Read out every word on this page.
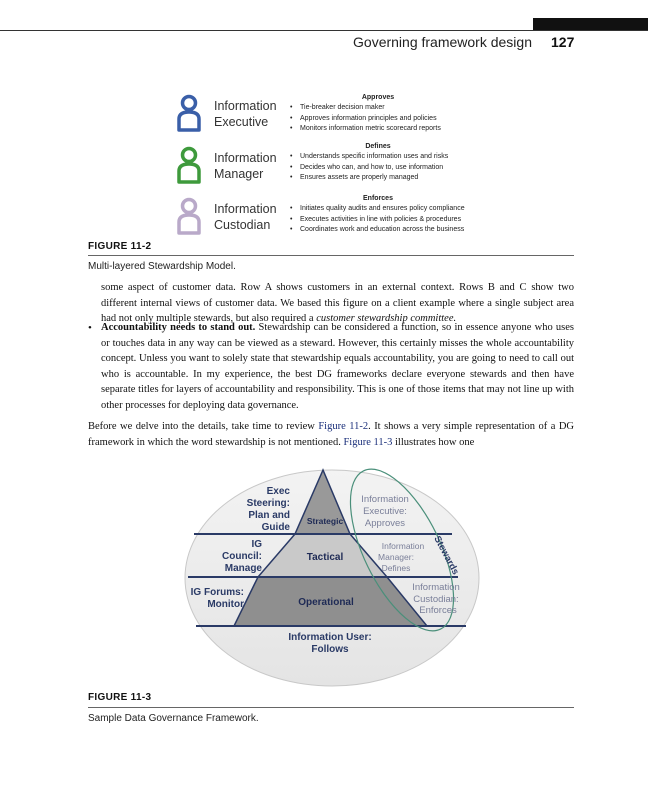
Governing framework design 127
Information
Executive
Information
Manager
Information
Custodian
Approves
• Tie-breaker decision maker
• Approves information principles and policies
• Monitors information metric scorecard reports
Defines
• Understands specific information uses and risks
• Decides who can, and how to, use information
• Ensures assets are properly managed
Enforces
• Initiates quality audits and ensures policy compliance
• Executes activities in line with policies & procedures
• Coordinates work and education across the business
FIGURE 11-2
Multi-layered Stewardship Model.
some aspect of customer data. Row A shows customers in an external context. Rows B and C show two different internal views of customer data. We based this figure on a client example where a single subject area had not only multiple stewards, but also required a customer stewardship committee.
• Accountability needs to stand out. Stewardship can be considered a function, so in essence anyone who uses or touches data in any way can be viewed as a steward. However, this certainly misses the whole accountability concept. Unless you want to solely state that stewardship equals accountability, you are going to need to call out who is accountable. In my experience, the best DG frameworks declare everyone stewards and then have separate titles for layers of accountability and responsibility. This is one of those items that may not line up with other processes for deploying data governance.
Before we delve into the details, take time to review Figure 11-2. It shows a very simple representation of a DG framework in which the word stewardship is not mentioned. Figure 11-3 illustrates how one
Stewards
Exec
Steering:
Plan and
Guide
IG
Council:
Manage
IG Forums:
Monitor
Strategic
Tactical
Operational
Information
Executive:
Approves
Information
Manager:
Defines
Information
Custodian:
Enforces
Information User:
Follows
FIGURE 11-3
Sample Data Governance Framework.
